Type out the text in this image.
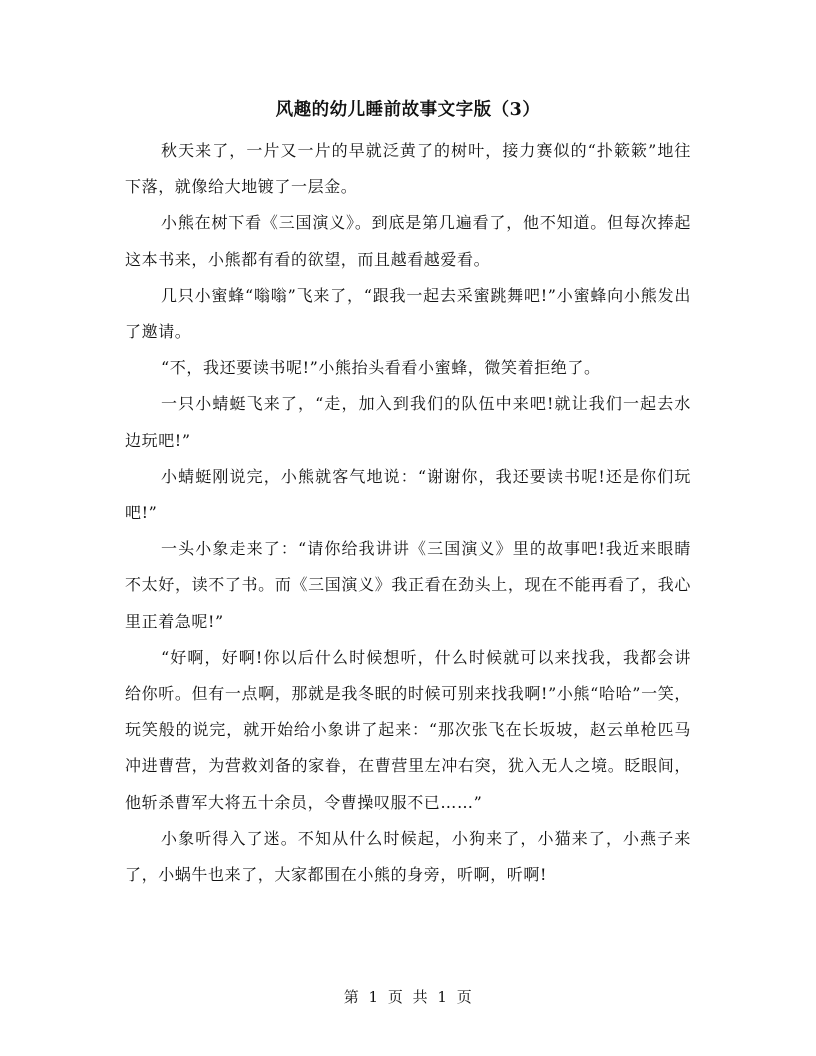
风趣的幼儿睡前故事文字版（3）

秋天来了，一片又一片的早就泛黄了的树叶，接力赛似的“扑簌簌”地往下落，就像给大地镀了一层金。

小熊在树下看《三国演义》。到底是第几遍看了，他不知道。但每次捧起这本书来，小熊都有看的欲望，而且越看越爱看。

几只小蜜蜂“嗡嗡”飞来了，“跟我一起去采蜜跳舞吧!”小蜜蜂向小熊发出了邀请。

“不，我还要读书呢!”小熊抬头看看小蜜蜂，微笑着拒绝了。

一只小蜻蜓飞来了，“走，加入到我们的队伍中来吧!就让我们一起去水边玩吧!”

小蜻蜓刚说完，小熊就客气地说：“谢谢你，我还要读书呢!还是你们玩吧!”

一头小象走来了：“请你给我讲讲《三国演义》里的故事吧!我近来眼睛不太好，读不了书。而《三国演义》我正看在劲头上，现在不能再看了，我心里正着急呢!”

“好啊，好啊!你以后什么时候想听，什么时候就可以来找我，我都会讲给你听。但有一点啊，那就是我冬眠的时候可别来找我啊!”小熊“哈哈”一笑，玩笑般的说完，就开始给小象讲了起来：“那次张飞在长坂坡，赵云单枪匹马冲进曹营，为营救刘备的家眷，在曹营里左冲右突，犹入无人之境。眨眼间，他斩杀曹军大将五十余员，令曹操叹服不已……”

小象听得入了迷。不知从什么时候起，小狗来了，小猫来了，小燕子来了，小蜗牛也来了，大家都围在小熊的身旁，听啊，听啊!

第 1 页 共 1 页
